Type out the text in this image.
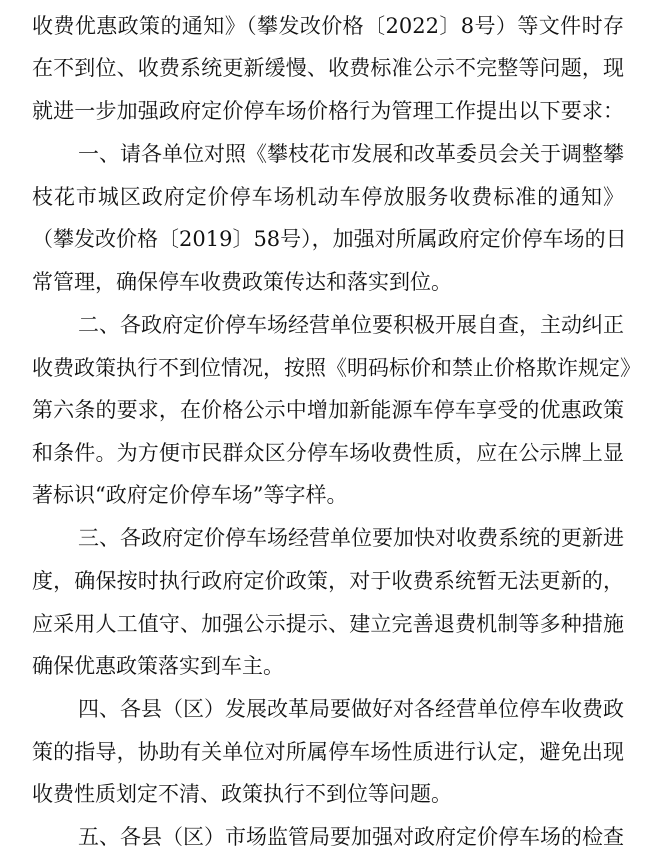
收费优惠政策的通知》（攀发改价格〔2022〕8号）等文件时存
在不到位、收费系统更新缓慢、收费标准公示不完整等问题，现
就进一步加强政府定价停车场价格行为管理工作提出以下要求：
一、请各单位对照《攀枝花市发展和改革委员会关于调整攀
枝花市城区政府定价停车场机动车停放服务收费标准的通知》
（攀发改价格〔2019〕58号），加强对所属政府定价停车场的日
常管理，确保停车收费政策传达和落实到位。
二、各政府定价停车场经营单位要积极开展自查，主动纠正
收费政策执行不到位情况，按照《明码标价和禁止价格欺诈规定》
第六条的要求，在价格公示中增加新能源车停车享受的优惠政策
和条件。为方便市民群众区分停车场收费性质，应在公示牌上显
著标识“政府定价停车场”等字样。
三、各政府定价停车场经营单位要加快对收费系统的更新进
度，确保按时执行政府定价政策，对于收费系统暂无法更新的，
应采用人工值守、加强公示提示、建立完善退费机制等多种措施
确保优惠政策落实到车主。
四、各县（区）发展改革局要做好对各经营单位停车收费政
策的指导，协助有关单位对所属停车场性质进行认定，避免出现
收费性质划定不清、政策执行不到位等问题。
五、各县（区）市场监管局要加强对政府定价停车场的检查
